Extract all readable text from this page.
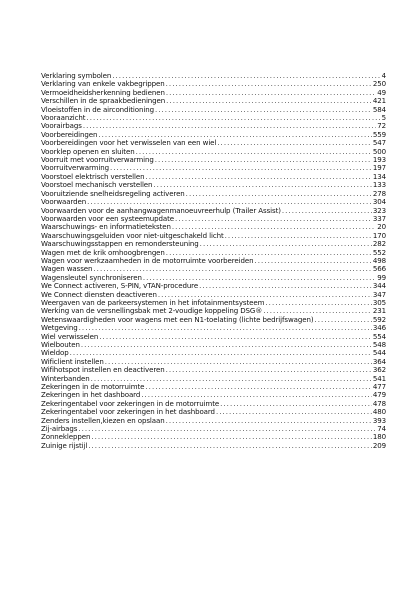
Verklaring symbolen . . .	4
Verklaring van enkele vakbegrippen . . .	250
Vermoeidheidsherkenning bedienen . . .	49
Verschillen in de spraakbedieningen . . .	421
Vloeistoffen in de airconditioning . . .	584
Vooraanzicht . . .	5
Voorairbags . . .	72
Voorbereidingen . . .	559
Voorbereidingen voor het verwisselen van een wiel . . .	547
Voorklep openen en sluiten . . .	500
Voorruit met voorruitverwarming . . .	193
Voorruitverwarming . . .	197
Voorstoel elektrisch verstellen . . .	134
Voorstoel mechanisch verstellen . . .	133
Vooruitziende snelheidsregeling activeren . . .	278
Voorwaarden . . .	304
Voorwaarden voor de aanhangwagenmanoeuvreerhulp (Trailer Assist) . . .	323
Voorwaarden voor een systeemupdate . . .	337
Waarschuwings- en informatieteksten . . .	20
Waarschuwingsgeluiden voor niet-uitgeschakeld licht . . .	170
Waarschuwingsstappen en remondersteuning . . .	282
Wagen met de krik omhoogbrengen . . .	552
Wagen voor werkzaamheden in de motorruimte voorbereiden . . .	498
Wagen wassen . . .	566
Wagensleutel synchroniseren . . .	99
We Connect activeren, S-PIN, vTAN-procedure . . .	344
We Connect diensten deactiveren . . .	347
Weergaven van de parkeersystemen in het infotainmentsysteem . . .	305
Werking van de versnellingsbak met 2-voudige koppeling DSG® . . .	231
Wetenswaardigheden voor wagens met een N1-toelating (lichte bedrijfswagen) . . .	592
Wetgeving . . .	346
Wiel verwisselen . . .	554
Wielbouten . . .	548
Wieldop . . .	544
Wificlient instellen . . .	364
Wifihotspot instellen en deactiveren . . .	362
Winterbanden . . .	541
Zekeringen in de motorruimte . . .	477
Zekeringen in het dashboard . . .	479
Zekeringentabel voor zekeringen in de motorruimte . . .	478
Zekeringentabel voor zekeringen in het dashboard . . .	480
Zenders instellen,kiezen en opslaan . . .	393
Zij-airbags . . .	74
Zonnekleppen . . .	180
Zuinige rijstijl . . .	209
